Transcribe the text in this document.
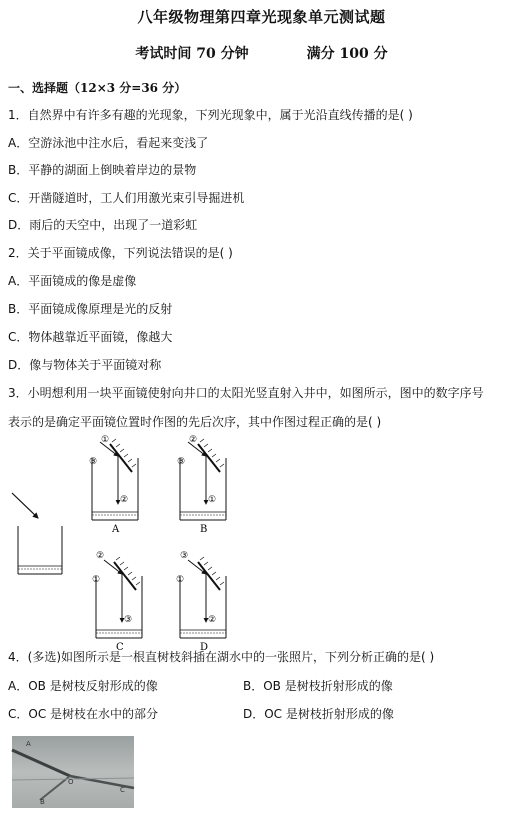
八年级物理第四章光现象单元测试题
考试时间 70 分钟	满分 100 分
一、选择题（12×3 分=36 分）
1．自然界中有许多有趣的光现象，下列光现象中，属于光沿直线传播的是( )
A．空游泳池中注水后，看起来变浅了
B．平静的湖面上倒映着岸边的景物
C．开凿隧道时，工人们用激光束引导掘进机
D．雨后的天空中，出现了一道彩虹
2．关于平面镜成像，下列说法错误的是( )
A．平面镜成的像是虚像
B．平面镜成像原理是光的反射
C．物体越靠近平面镜，像越大
D．像与物体关于平面镜对称
3．小明想利用一块平面镜使射向井口的太阳光竖直射入井中，如图所示，图中的数字序号
表示的是确定平面镜位置时作图的先后次序，其中作图过程正确的是( )
①
③
②
A
②
③
①
B
②
①
③
C
③
①
②
D
4．(多选)如图所示是一根直树枝斜插在湖水中的一张照片，下列分析正确的是( )
A．OB 是树枝反射形成的像	B．OB 是树枝折射形成的像
C．OC 是树枝在水中的部分	D．OC 是树枝折射形成的像
A
O
B
C
